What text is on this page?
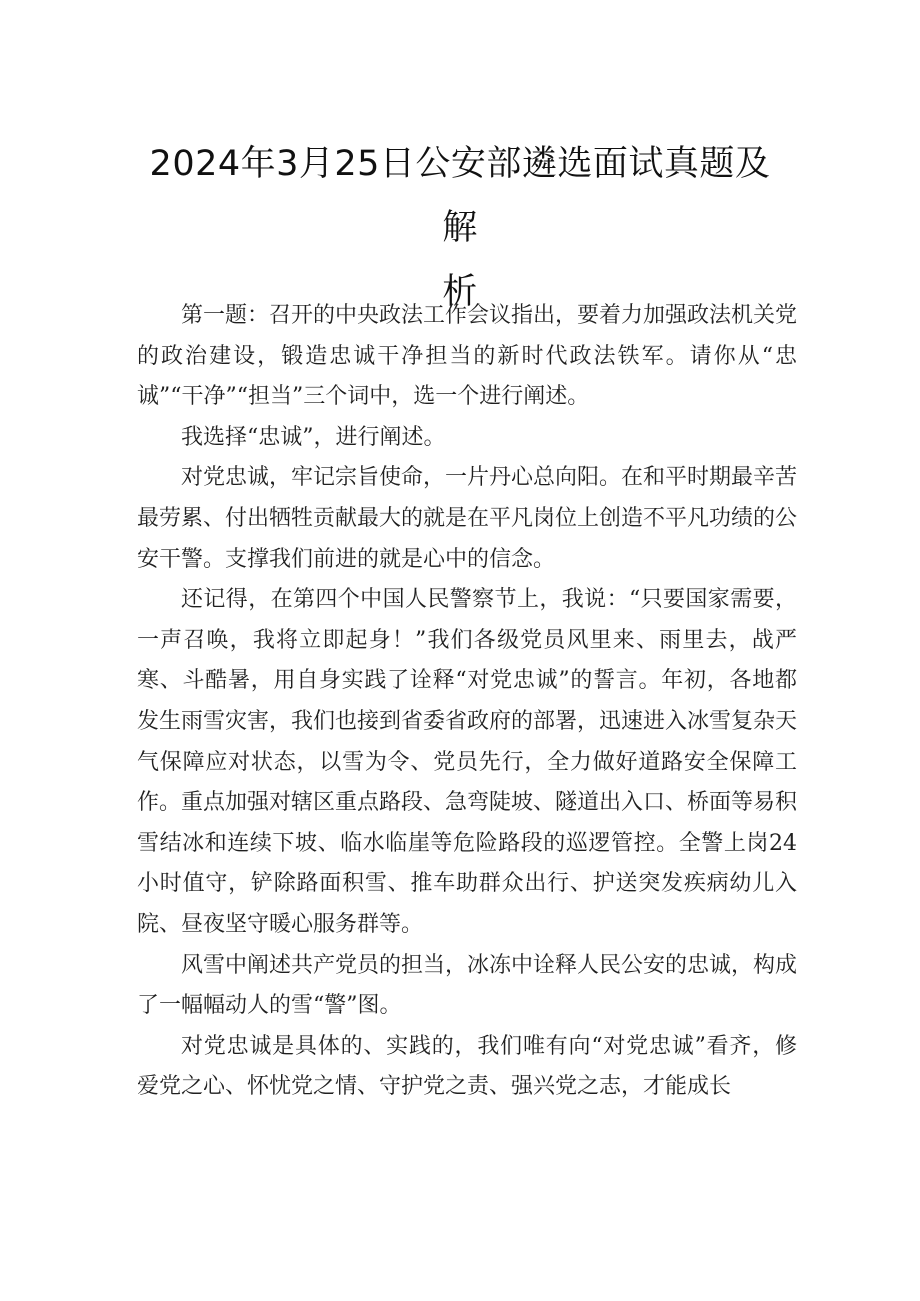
2024年3月25日公安部遴选面试真题及解
析

第一题：召开的中央政法工作会议指出，要着力加强政法机关党的政治建设，锻造忠诚干净担当的新时代政法铁军。请你从“忠诚”“干净”“担当”三个词中，选一个进行阐述。

我选择“忠诚”，进行阐述。

对党忠诚，牢记宗旨使命，一片丹心总向阳。在和平时期最辛苦最劳累、付出牺牲贡献最大的就是在平凡岗位上创造不平凡功绩的公安干警。支撑我们前进的就是心中的信念。

还记得，在第四个中国人民警察节上，我说：“只要国家需要，一声召唤，我将立即起身！”我们各级党员风里来、雨里去，战严寒、斗酷暑，用自身实践了诠释“对党忠诚”的誓言。年初，各地都发生雨雪灾害，我们也接到省委省政府的部署，迅速进入冰雪复杂天气保障应对状态，以雪为令、党员先行，全力做好道路安全保障工作。重点加强对辖区重点路段、急弯陡坡、隧道出入口、桥面等易积雪结冰和连续下坡、临水临崖等危险路段的巡逻管控。全警上岗24小时值守，铲除路面积雪、推车助群众出行、护送突发疾病幼儿入院、昼夜坚守暖心服务群等。

风雪中阐述共产党员的担当，冰冻中诠释人民公安的忠诚，构成了一幅幅动人的雪“警”图。

对党忠诚是具体的、实践的，我们唯有向“对党忠诚”看齐，修爱党之心、怀忧党之情、守护党之责、强兴党之志，才能成长
